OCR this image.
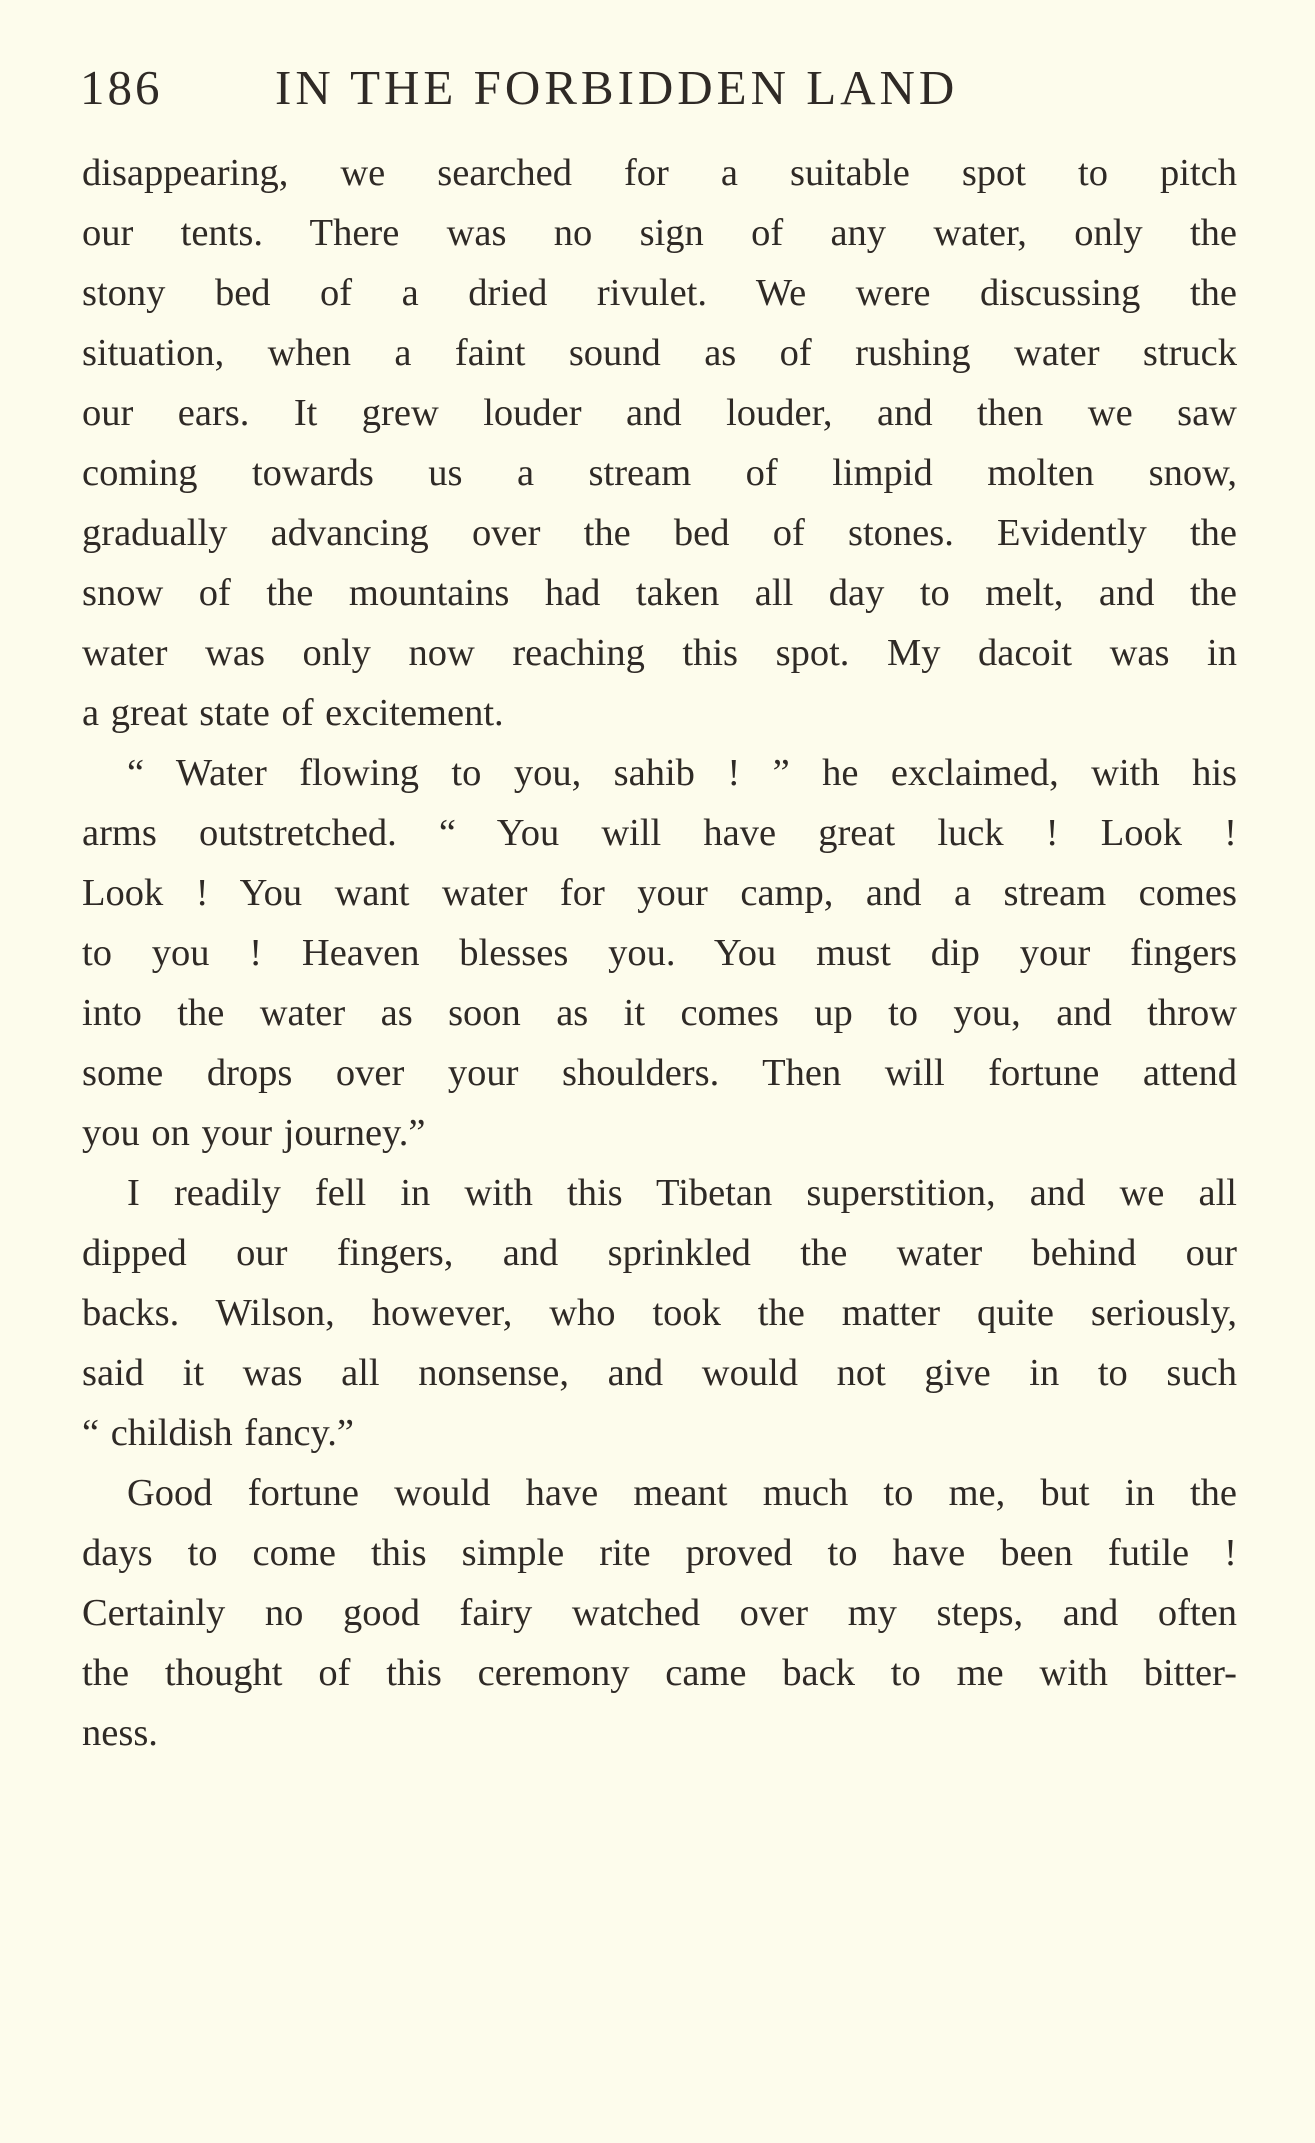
186 IN THE FORBIDDEN LAND
disappearing, we searched for a suitable spot to pitch
our tents. There was no sign of any water, only the
stony bed of a dried rivulet. We were discussing the
situation, when a faint sound as of rushing water struck
our ears. It grew louder and louder, and then we saw
coming towards us a stream of limpid molten snow,
gradually advancing over the bed of stones. Evidently the
snow of the mountains had taken all day to melt, and the
water was only now reaching this spot. My dacoit was in
a great state of excitement.
“ Water flowing to you, sahib ! ” he exclaimed, with his
arms outstretched. “ You will have great luck ! Look !
Look ! You want water for your camp, and a stream comes
to you ! Heaven blesses you. You must dip your fingers
into the water as soon as it comes up to you, and throw
some drops over your shoulders. Then will fortune attend
you on your journey.”
I readily fell in with this Tibetan superstition, and we all
dipped our fingers, and sprinkled the water behind our
backs. Wilson, however, who took the matter quite seriously,
said it was all nonsense, and would not give in to such
“ childish fancy.”
Good fortune would have meant much to me, but in the
days to come this simple rite proved to have been futile !
Certainly no good fairy watched over my steps, and often
the thought of this ceremony came back to me with bitter-
ness.
